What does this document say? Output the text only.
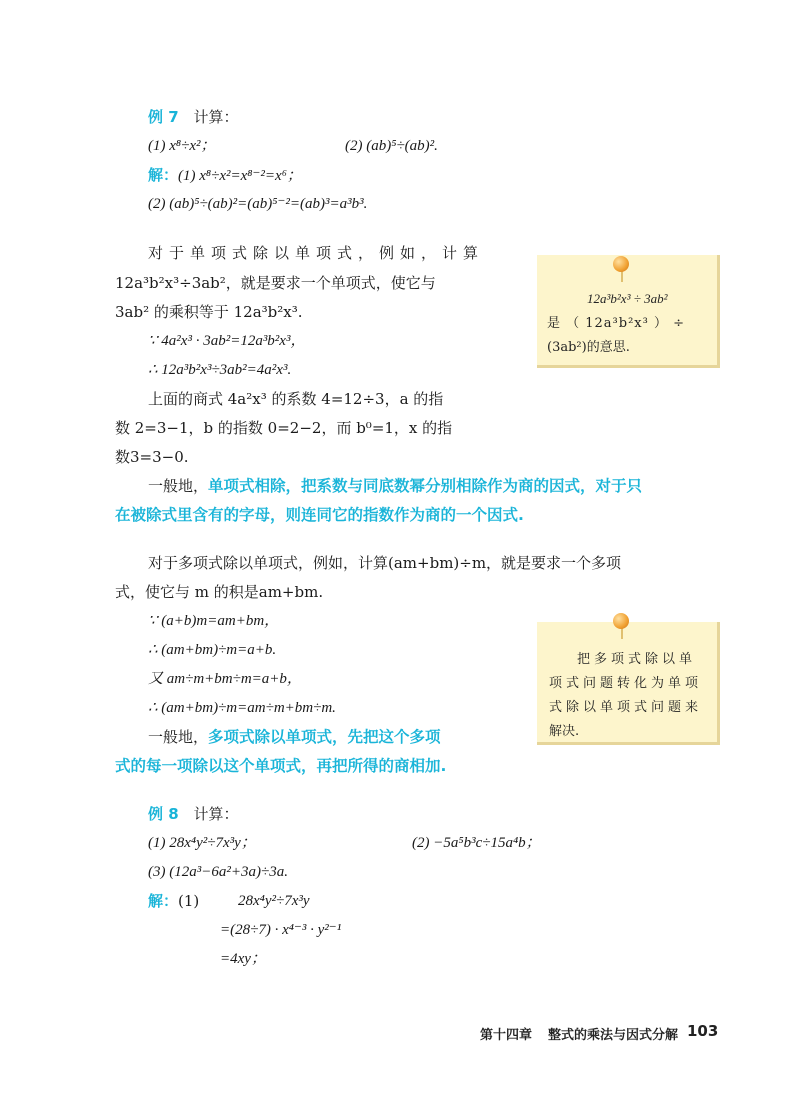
例 7 计算：
(1) x⁸÷x²；	(2) (ab)⁵÷(ab)².
解：(1) x⁸÷x²=x⁸⁻²=x⁶；
(2) (ab)⁵÷(ab)²=(ab)⁵⁻²=(ab)³=a³b³.
对于单项式除以单项式，例如，计算
12a³b²x³÷3ab²，就是要求一个单项式，使它与
3ab² 的乘积等于 12a³b²x³.
∵ 4a²x³ · 3ab²=12a³b²x³，
∴ 12a³b²x³÷3ab²=4a²x³.
上面的商式 4a²x³ 的系数 4=12÷3，a 的指
数 2=3−1，b 的指数 0=2−2，而 b⁰=1，x 的指
数3=3−0.
一般地，单项式相除，把系数与同底数幂分别相除作为商的因式，对于只
在被除式里含有的字母，则连同它的指数作为商的一个因式.
12a³b²x³ ÷ 3ab²
是 （ 12a³b²x³ ） ÷
(3ab²)的意思.
对于多项式除以单项式，例如，计算(am+bm)÷m，就是要求一个多项
式，使它与 m 的积是am+bm.
∵ (a+b)m=am+bm，
∴ (am+bm)÷m=a+b.
又 am÷m+bm÷m=a+b，
∴ (am+bm)÷m=am÷m+bm÷m.
一般地，多项式除以单项式，先把这个多项
式的每一项除以这个单项式，再把所得的商相加.
把多项式除以单
项式问题转化为单项
式除以单项式问题来
解决.
例 8 计算：
(1) 28x⁴y²÷7x³y；	(2) −5a⁵b³c÷15a⁴b；
(3) (12a³−6a²+3a)÷3a.
解：(1)	28x⁴y²÷7x³y
=(28÷7) · x⁴⁻³ · y²⁻¹
=4xy；
第十四章 整式的乘法与因式分解 103
